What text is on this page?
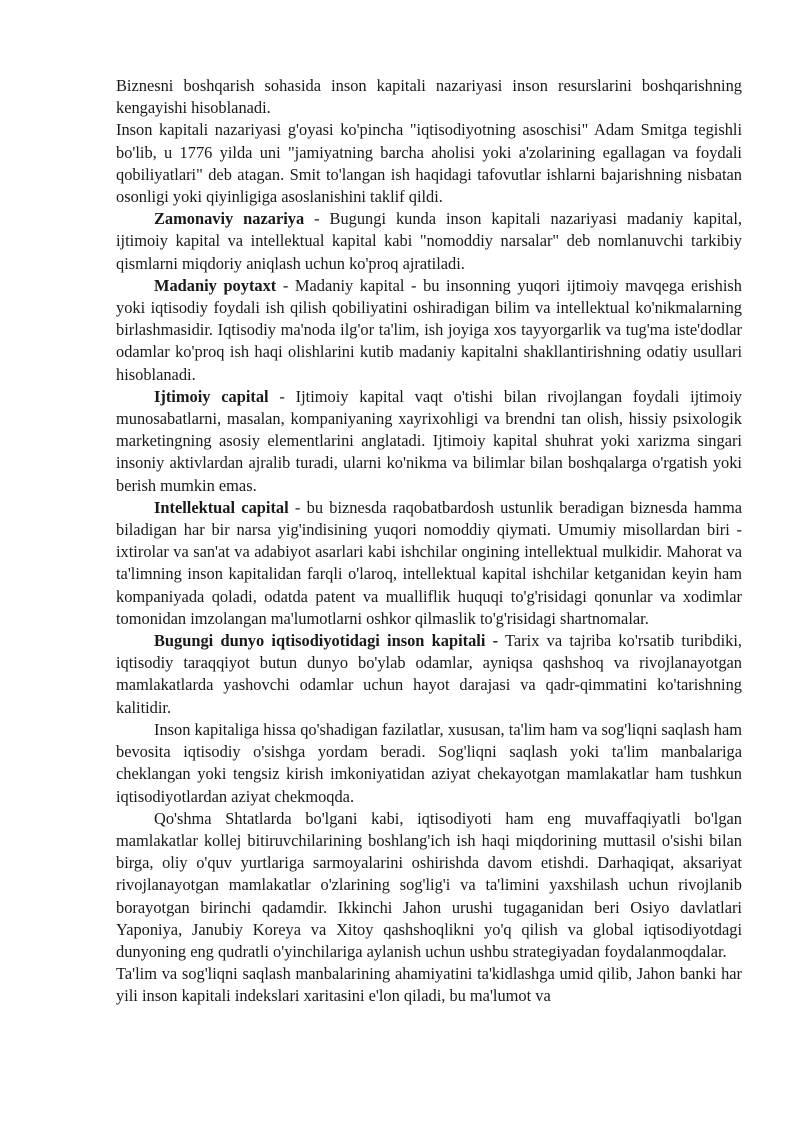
Biznesni boshqarish sohasida inson kapitali nazariyasi inson resurslarini boshqarishning kengayishi hisoblanadi.

Inson kapitali nazariyasi g'oyasi ko'pincha "iqtisodiyotning asoschisi" Adam Smitga tegishli bo'lib, u 1776 yilda uni "jamiyatning barcha aholisi yoki a'zolarining egallagan va foydali qobiliyatlari" deb atagan. Smit to'langan ish haqidagi tafovutlar ishlarni bajarishning nisbatan osonligi yoki qiyinligiga asoslanishini taklif qildi.

Zamonaviy nazariya - Bugungi kunda inson kapitali nazariyasi madaniy kapital, ijtimoiy kapital va intellektual kapital kabi "nomoddiy narsalar" deb nomlanuvchi tarkibiy qismlarni miqdoriy aniqlash uchun ko'proq ajratiladi.

Madaniy poytaxt - Madaniy kapital - bu insonning yuqori ijtimoiy mavqega erishish yoki iqtisodiy foydali ish qilish qobiliyatini oshiradigan bilim va intellektual ko'nikmalarning birlashmasidir. Iqtisodiy ma'noda ilg'or ta'lim, ish joyiga xos tayyorgarlik va tug'ma iste'dodlar odamlar ko'proq ish haqi olishlarini kutib madaniy kapitalni shakllantirishning odatiy usullari hisoblanadi.

Ijtimoiy capital - Ijtimoiy kapital vaqt o'tishi bilan rivojlangan foydali ijtimoiy munosabatlarni, masalan, kompaniyaning xayrixohligi va brendni tan olish, hissiy psixologik marketingning asosiy elementlarini anglatadi. Ijtimoiy kapital shuhrat yoki xarizma singari insoniy aktivlardan ajralib turadi, ularni ko'nikma va bilimlar bilan boshqalarga o'rgatish yoki berish mumkin emas.

Intellektual capital - bu biznesda raqobatbardosh ustunlik beradigan biznesda hamma biladigan har bir narsa yig'indisining yuqori nomoddiy qiymati. Umumiy misollardan biri - ixtirolar va san'at va adabiyot asarlari kabi ishchilar ongining intellektual mulkidir. Mahorat va ta'limning inson kapitalidan farqli o'laroq, intellektual kapital ishchilar ketganidan keyin ham kompaniyada qoladi, odatda patent va mualliflik huquqi to'g'risidagi qonunlar va xodimlar tomonidan imzolangan ma'lumotlarni oshkor qilmaslik to'g'risidagi shartnomalar.

Bugungi dunyo iqtisodiyotidagi inson kapitali - Tarix va tajriba ko'rsatib turibdiki, iqtisodiy taraqqiyot butun dunyo bo'ylab odamlar, ayniqsa qashshoq va rivojlanayotgan mamlakatlarda yashovchi odamlar uchun hayot darajasi va qadr-qimmatini ko'tarishning kalitidir.

Inson kapitaliga hissa qo'shadigan fazilatlar, xususan, ta'lim ham va sog'liqni saqlash ham bevosita iqtisodiy o'sishga yordam beradi. Sog'liqni saqlash yoki ta'lim manbalariga cheklangan yoki tengsiz kirish imkoniyatidan aziyat chekayotgan mamlakatlar ham tushkun iqtisodiyotlardan aziyat chekmoqda.

Qo'shma Shtatlarda bo'lgani kabi, iqtisodiyoti ham eng muvaffaqiyatli bo'lgan mamlakatlar kollej bitiruvchilarining boshlang'ich ish haqi miqdorining muttasil o'sishi bilan birga, oliy o'quv yurtlariga sarmoyalarini oshirishda davom etishdi. Darhaqiqat, aksariyat rivojlanayotgan mamlakatlar o'zlarining sog'lig'i va ta'limini yaxshilash uchun rivojlanib borayotgan birinchi qadamdir. Ikkinchi Jahon urushi tugaganidan beri Osiyo davlatlari Yaponiya, Janubiy Koreya va Xitoy qashshoqlikni yo'q qilish va global iqtisodiyotdagi dunyoning eng qudratli o'yinchilariga aylanish uchun ushbu strategiyadan foydalanmoqdalar.

Ta'lim va sog'liqni saqlash manbalarining ahamiyatini ta'kidlashga umid qilib, Jahon banki har yili inson kapitali indekslari xaritasini e'lon qiladi, bu ma'lumot va
